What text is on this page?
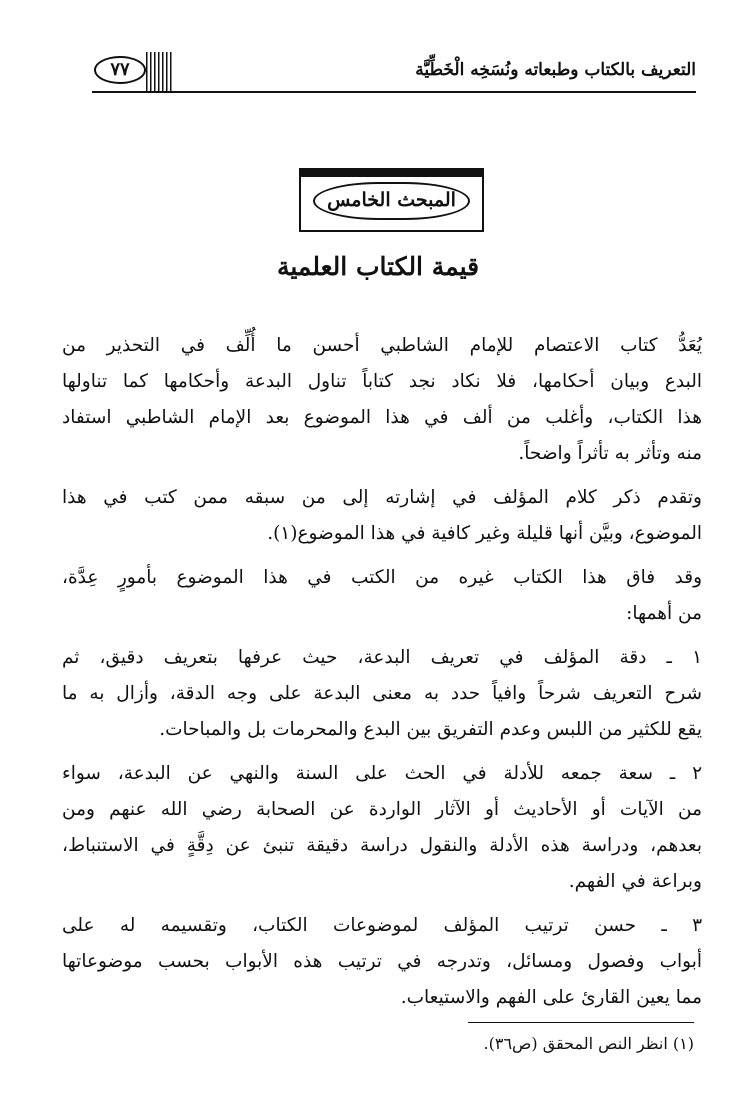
التعريف بالكتاب وطبعاته ونُسَخِه الْخَطِّيَّة
٧٧
المبحث الخامس
قيمة الكتاب العلمية
يُعَدُّ كتاب الاعتصام للإمام الشاطبي أحسن ما أُلِّف في التحذير من
البدع وبيان أحكامها، فلا نكاد نجد كتاباً تناول البدعة وأحكامها كما تناولها
هذا الكتاب، وأغلب من ألف في هذا الموضوع بعد الإمام الشاطبي استفاد
منه وتأثر به تأثراً واضحاً.
وتقدم ذكر كلام المؤلف في إشارته إلى من سبقه ممن كتب في هذا
الموضوع، وبيَّن أنها قليلة وغير كافية في هذا الموضوع(١).
وقد فاق هذا الكتاب غيره من الكتب في هذا الموضوع بأمورٍ عِدَّة،
من أهمها:
١ ـ دقة المؤلف في تعريف البدعة، حيث عرفها بتعريف دقيق، ثم
شرح التعريف شرحاً وافياً حدد به معنى البدعة على وجه الدقة، وأزال به ما
يقع للكثير من اللبس وعدم التفريق بين البدع والمحرمات بل والمباحات.
٢ ـ سعة جمعه للأدلة في الحث على السنة والنهي عن البدعة، سواء
من الآيات أو الأحاديث أو الآثار الواردة عن الصحابة رضي الله عنهم ومن
بعدهم، ودراسة هذه الأدلة والنقول دراسة دقيقة تنبئ عن دِقَّةٍ في الاستنباط،
وبراعة في الفهم.
٣ ـ حسن ترتيب المؤلف لموضوعات الكتاب، وتقسيمه له على
أبواب وفصول ومسائل، وتدرجه في ترتيب هذه الأبواب بحسب موضوعاتها
مما يعين القارئ على الفهم والاستيعاب.
(١) انظر النص المحقق (ص٣٦).
